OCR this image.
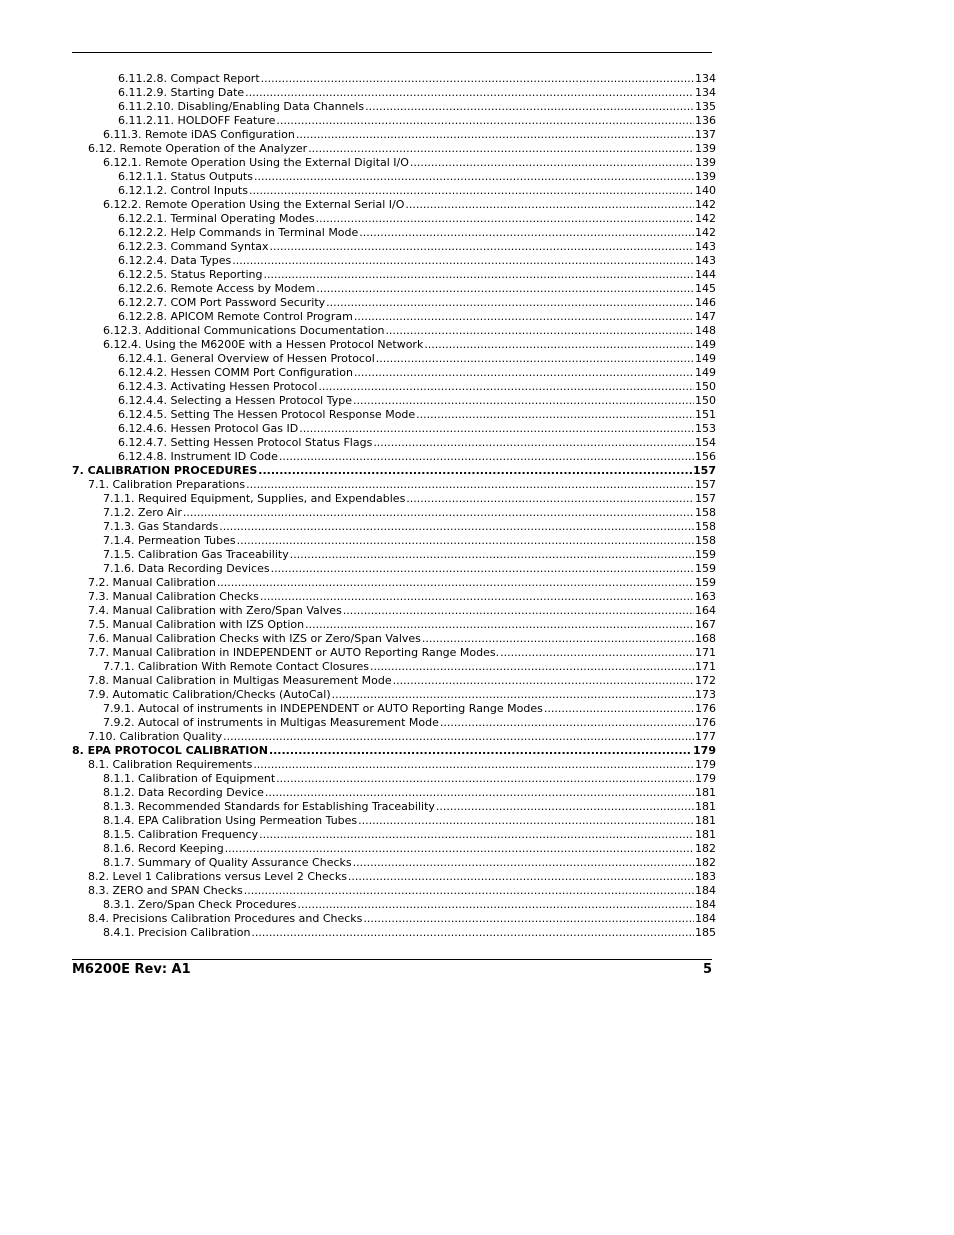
6.11.2.8. Compact Report .....	134
6.11.2.9. Starting Date .....	134
6.11.2.10. Disabling/Enabling Data Channels .....	135
6.11.2.11. HOLDOFF Feature .....	136
6.11.3. Remote iDAS Configuration .....	137
6.12. Remote Operation of the Analyzer .....	139
6.12.1. Remote Operation Using the External Digital I/O .....	139
6.12.1.1. Status Outputs .....	139
6.12.1.2. Control Inputs .....	140
6.12.2. Remote Operation Using the External Serial I/O .....	142
6.12.2.1. Terminal Operating Modes .....	142
6.12.2.2. Help Commands in Terminal Mode .....	142
6.12.2.3. Command Syntax .....	143
6.12.2.4. Data Types .....	143
6.12.2.5. Status Reporting .....	144
6.12.2.6. Remote Access by Modem .....	145
6.12.2.7. COM Port Password Security .....	146
6.12.2.8. APICOM Remote Control Program .....	147
6.12.3. Additional Communications Documentation .....	148
6.12.4. Using the M6200E with a Hessen Protocol Network .....	149
6.12.4.1. General Overview of Hessen Protocol .....	149
6.12.4.2. Hessen COMM Port Configuration .....	149
6.12.4.3. Activating Hessen Protocol .....	150
6.12.4.4. Selecting a Hessen Protocol Type .....	150
6.12.4.5. Setting The Hessen Protocol Response Mode .....	151
6.12.4.6. Hessen Protocol Gas ID .....	153
6.12.4.7. Setting Hessen Protocol Status Flags .....	154
6.12.4.8. Instrument ID Code .....	156
7. CALIBRATION PROCEDURES .....	157
7.1. Calibration Preparations .....	157
7.1.1. Required Equipment, Supplies, and Expendables .....	157
7.1.2. Zero Air .....	158
7.1.3. Gas Standards .....	158
7.1.4. Permeation Tubes .....	158
7.1.5. Calibration Gas Traceability .....	159
7.1.6. Data Recording Devices .....	159
7.2. Manual Calibration .....	159
7.3. Manual Calibration Checks .....	163
7.4. Manual Calibration with Zero/Span Valves .....	164
7.5. Manual Calibration with IZS Option .....	167
7.6. Manual Calibration Checks with IZS or Zero/Span Valves .....	168
7.7. Manual Calibration in INDEPENDENT or AUTO Reporting Range Modes. .....	171
7.7.1. Calibration With Remote Contact Closures .....	171
7.8. Manual Calibration in Multigas Measurement Mode .....	172
7.9. Automatic Calibration/Checks (AutoCal) .....	173
7.9.1. Autocal of instruments in INDEPENDENT or AUTO Reporting Range Modes .....	176
7.9.2. Autocal of instruments in Multigas Measurement Mode .....	176
7.10. Calibration Quality .....	177
8. EPA PROTOCOL CALIBRATION .....	179
8.1. Calibration Requirements .....	179
8.1.1. Calibration of Equipment .....	179
8.1.2. Data Recording Device .....	181
8.1.3. Recommended Standards for Establishing Traceability .....	181
8.1.4. EPA Calibration Using Permeation Tubes .....	181
8.1.5. Calibration Frequency .....	181
8.1.6. Record Keeping .....	182
8.1.7. Summary of Quality Assurance Checks .....	182
8.2. Level 1 Calibrations versus Level 2 Checks .....	183
8.3. ZERO and SPAN Checks .....	184
8.3.1. Zero/Span Check Procedures .....	184
8.4. Precisions Calibration Procedures and Checks .....	184
8.4.1. Precision Calibration .....	185
M6200E Rev: A1	5
